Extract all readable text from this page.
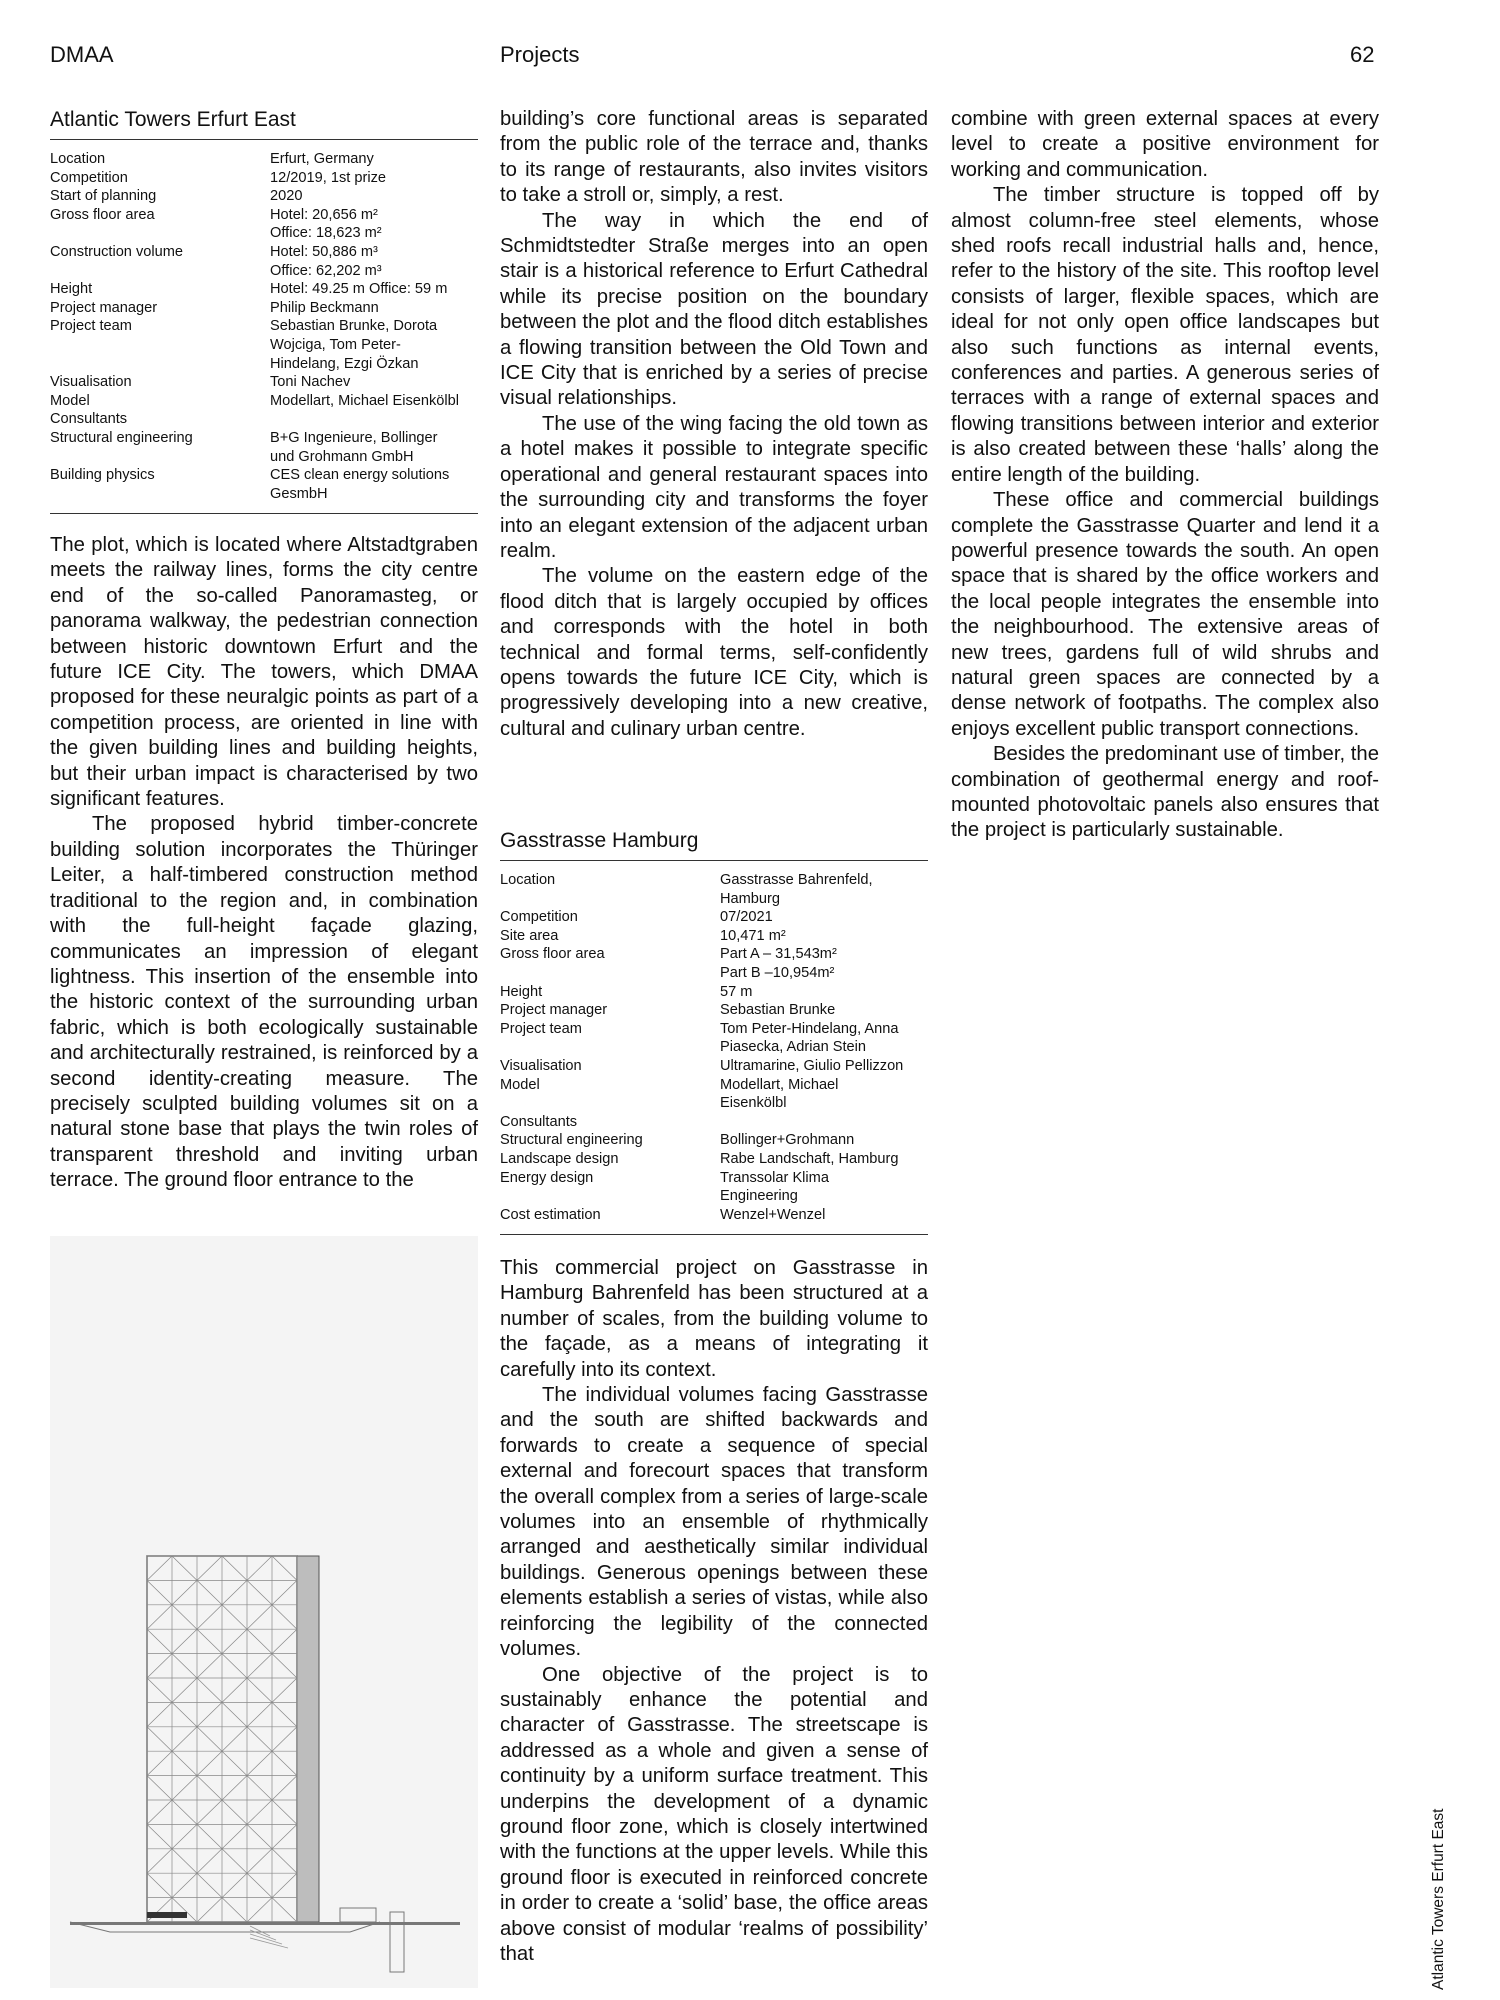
DMAA	Projects	62
Atlantic Towers Erfurt East
Location	Erfurt, Germany
Competition	12/2019, 1st prize
Start of planning	2020
Gross floor area	Hotel: 20,656 m²
Office: 18,623 m²
Construction volume	Hotel: 50,886 m³
Office: 62,202 m³
Height	Hotel: 49.25 m Office: 59 m
Project manager	Philip Beckmann
Project team	Sebastian Brunke, Dorota
Wojciga, Tom Peter-
Hindelang, Ezgi Özkan
Visualisation	Toni Nachev
Model	Modellart, Michael Eisenkölbl
Consultants	
Structural engineering	B+G Ingenieure, Bollinger
und Grohmann GmbH
Building physics	CES clean energy solutions
GesmbH

The plot, which is located where Altstadtgraben meets the railway lines, forms the city centre end of the so-called Panoramasteg, or panorama walkway, the pedestrian connection between historic downtown Erfurt and the future ICE City. The towers, which DMAA proposed for these neuralgic points as part of a competition process, are oriented in line with the given building lines and building heights, but their urban impact is characterised by two significant features.

The proposed hybrid timber-concrete building solution incorporates the Thüringer Leiter, a half-timbered construction method traditional to the region and, in combination with the full-height façade glazing, communicates an impression of elegant lightness. This insertion of the ensemble into the historic context of the surrounding urban fabric, which is both ecologically sustainable and architecturally restrained, is reinforced by a second identity-creating measure. The precisely sculpted building volumes sit on a natural stone base that plays the twin roles of transparent threshold and inviting urban terrace. The ground floor entrance to the

building’s core functional areas is separated from the public role of the terrace and, thanks to its range of restaurants, also invites visitors to take a stroll or, simply, a rest.

The way in which the end of Schmidtstedter Straße merges into an open stair is a historical reference to Erfurt Cathedral while its precise position on the boundary between the plot and the flood ditch establishes a flowing transition between the Old Town and ICE City that is enriched by a series of precise visual relationships.

The use of the wing facing the old town as a hotel makes it possible to integrate specific operational and general restaurant spaces into the surrounding city and transforms the foyer into an elegant extension of the adjacent urban realm.

The volume on the eastern edge of the flood ditch that is largely occupied by offices and corresponds with the hotel in both technical and formal terms, self-confidently opens towards the future ICE City, which is progressively developing into a new creative, cultural and culinary urban centre.

Gasstrasse Hamburg
Location	Gasstrasse Bahrenfeld,
Hamburg
Competition	07/2021
Site area	10,471 m²
Gross floor area	Part A – 31,543m²
Part B –10,954m²
Height	57 m
Project manager	Sebastian Brunke
Project team	Tom Peter-Hindelang, Anna
Piasecka, Adrian Stein
Visualisation	Ultramarine, Giulio Pellizzon
Model	Modellart, Michael
Eisenkölbl
Consultants	
Structural engineering	Bollinger+Grohmann
Landscape design	Rabe Landschaft, Hamburg
Energy design	Transsolar Klima
Engineering
Cost estimation	Wenzel+Wenzel

This commercial project on Gasstrasse in Hamburg Bahrenfeld has been structured at a number of scales, from the building volume to the façade, as a means of integrating it carefully into its context.

The individual volumes facing Gasstrasse and the south are shifted backwards and forwards to create a sequence of special external and forecourt spaces that transform the overall complex from a series of large-scale volumes into an ensemble of rhythmically arranged and aesthetically similar individual buildings. Generous openings between these elements establish a series of vistas, while also reinforcing the legibility of the connected volumes.

One objective of the project is to sustainably enhance the potential and character of Gasstrasse. The streetscape is addressed as a whole and given a sense of continuity by a uniform surface treatment. This underpins the development of a dynamic ground floor zone, which is closely intertwined with the functions at the upper levels. While this ground floor is executed in reinforced concrete in order to create a ‘solid’ base, the office areas above consist of modular ‘realms of possibility’ that

combine with green external spaces at every level to create a positive environment for working and communication.

The timber structure is topped off by almost column-free steel elements, whose shed roofs recall industrial halls and, hence, refer to the history of the site. This rooftop level consists of larger, flexible spaces, which are ideal for not only open office landscapes but also such functions as internal events, conferences and parties. A generous series of terraces with a range of external spaces and flowing transitions between interior and exterior is also created between these ‘halls’ along the entire length of the building.

These office and commercial buildings complete the Gasstrasse Quarter and lend it a powerful presence towards the south. An open space that is shared by the office workers and the local people integrates the ensemble into the neighbourhood. The extensive areas of new trees, gardens full of wild shrubs and natural green spaces are connected by a dense network of footpaths. The complex also enjoys excellent public transport connections.

Besides the predominant use of timber, the combination of geothermal energy and roof-mounted photovoltaic panels also ensures that the project is particularly sustainable.

Atlantic Towers Erfurt East
